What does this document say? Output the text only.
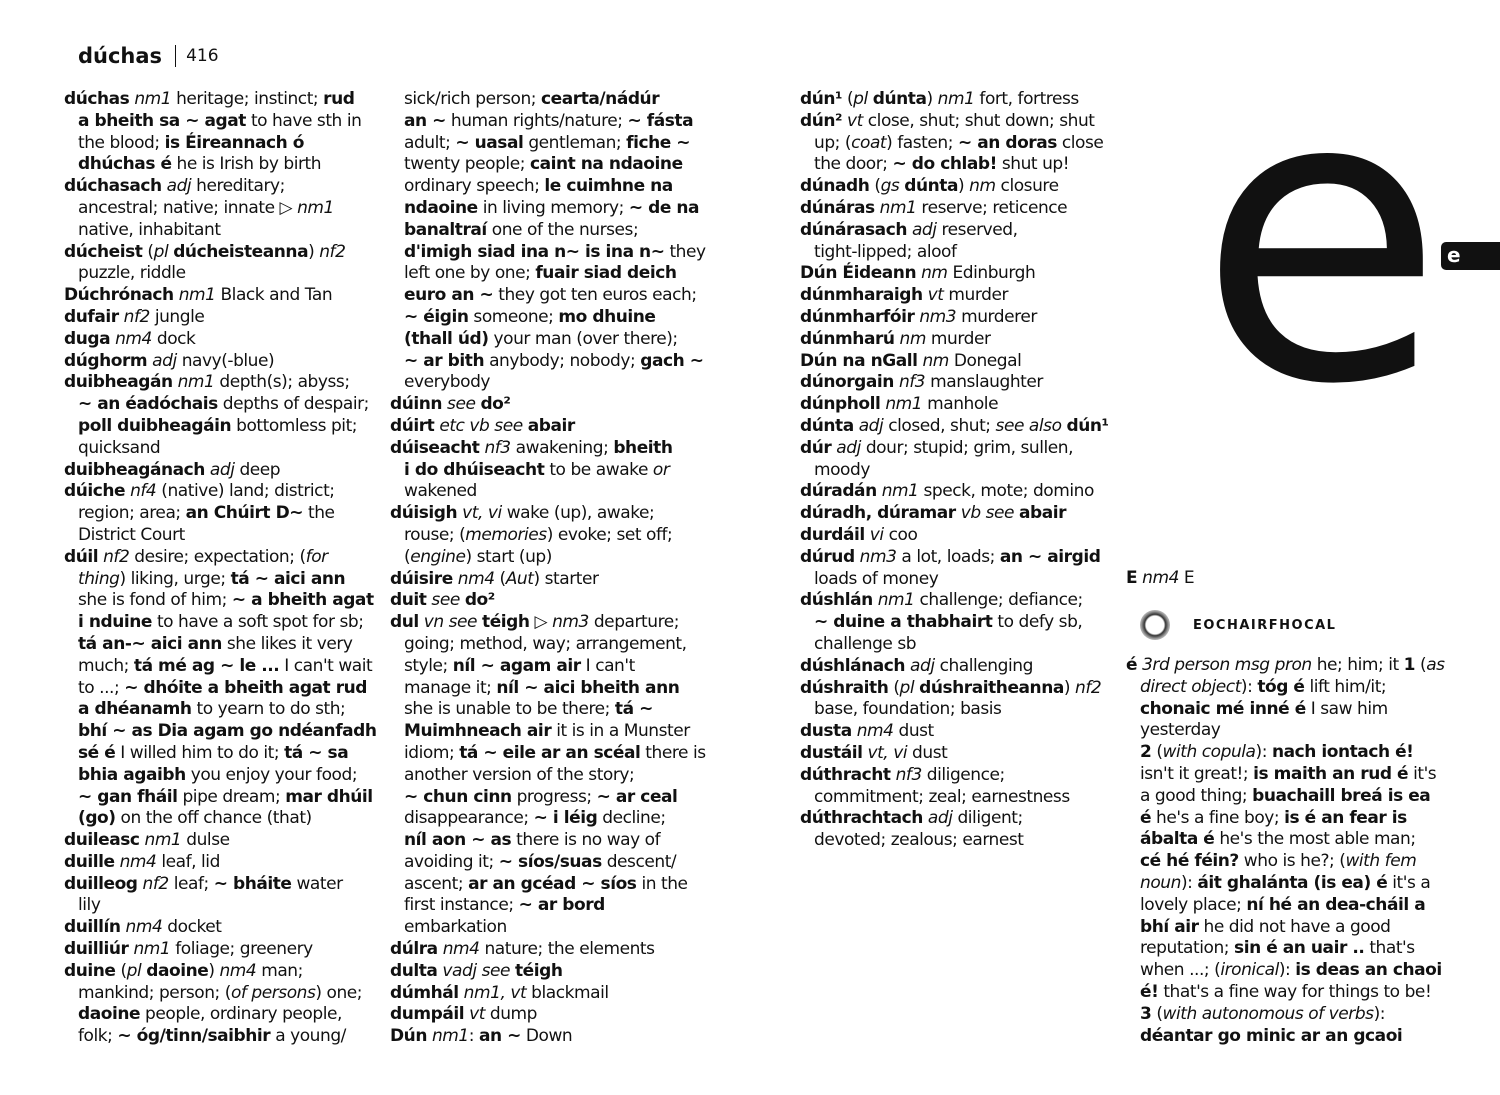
dúchas 416
dúchas nm1 heritage; instinct; rud
a bheith sa ~ agat to have sth in
the blood; is Éireannach ó
dhúchas é he is Irish by birth
dúchasach adj hereditary;
ancestral; native; innate ▷ nm1
native, inhabitant
dúcheist (pl dúcheisteanna) nf2
puzzle, riddle
Dúchrónach nm1 Black and Tan
dufair nf2 jungle
duga nm4 dock
dúghorm adj navy(-blue)
duibheagán nm1 depth(s); abyss;
~ an éadóchais depths of despair;
poll duibheagáin bottomless pit;
quicksand
duibheagánach adj deep
dúiche nf4 (native) land; district;
region; area; an Chúirt D~ the
District Court
dúil nf2 desire; expectation; (for
thing) liking, urge; tá ~ aici ann
she is fond of him; ~ a bheith agat
i nduine to have a soft spot for sb;
tá an-~ aici ann she likes it very
much; tá mé ag ~ le ... I can't wait
to ...; ~ dhóite a bheith agat rud
a dhéanamh to yearn to do sth;
bhí ~ as Dia agam go ndéanfadh
sé é I willed him to do it; tá ~ sa
bhia agaibh you enjoy your food;
~ gan fháil pipe dream; mar dhúil
(go) on the off chance (that)
duileasc nm1 dulse
duille nm4 leaf, lid
duilleog nf2 leaf; ~ bháite water
lily
duillín nm4 docket
duilliúr nm1 foliage; greenery
duine (pl daoine) nm4 man;
mankind; person; (of persons) one;
daoine people, ordinary people,
folk; ~ óg/tinn/saibhir a young/
sick/rich person; cearta/nádúr
an ~ human rights/nature; ~ fásta
adult; ~ uasal gentleman; fiche ~
twenty people; caint na ndaoine
ordinary speech; le cuimhne na
ndaoine in living memory; ~ de na
banaltraí one of the nurses;
d'imigh siad ina n~ is ina n~ they
left one by one; fuair siad deich
euro an ~ they got ten euros each;
~ éigin someone; mo dhuine
(thall úd) your man (over there);
~ ar bith anybody; nobody; gach ~
everybody
dúinn see do²
dúirt etc vb see abair
dúiseacht nf3 awakening; bheith
i do dhúiseacht to be awake or
wakened
dúisigh vt, vi wake (up), awake;
rouse; (memories) evoke; set off;
(engine) start (up)
dúisire nm4 (Aut) starter
duit see do²
dul vn see téigh ▷ nm3 departure;
going; method, way; arrangement,
style; níl ~ agam air I can't
manage it; níl ~ aici bheith ann
she is unable to be there; tá ~
Muimhneach air it is in a Munster
idiom; tá ~ eile ar an scéal there is
another version of the story;
~ chun cinn progress; ~ ar ceal
disappearance; ~ i léig decline;
níl aon ~ as there is no way of
avoiding it; ~ síos/suas descent/
ascent; ar an gcéad ~ síos in the
first instance; ~ ar bord
embarkation
dúlra nm4 nature; the elements
dulta vadj see téigh
dúmhál nm1, vt blackmail
dumpáil vt dump
Dún nm1: an ~ Down
dún¹ (pl dúnta) nm1 fort, fortress
dún² vt close, shut; shut down; shut
up; (coat) fasten; ~ an doras close
the door; ~ do chlab! shut up!
dúnadh (gs dúnta) nm closure
dúnáras nm1 reserve; reticence
dúnárasach adj reserved,
tight-lipped; aloof
Dún Éideann nm Edinburgh
dúnmharaigh vt murder
dúnmharfóir nm3 murderer
dúnmharú nm murder
Dún na nGall nm Donegal
dúnorgain nf3 manslaughter
dúnpholl nm1 manhole
dúnta adj closed, shut; see also dún¹
dúr adj dour; stupid; grim, sullen,
moody
dúradán nm1 speck, mote; domino
dúradh, dúramar vb see abair
durdáil vi coo
dúrud nm3 a lot, loads; an ~ airgid
loads of money
dúshlán nm1 challenge; defiance;
~ duine a thabhairt to defy sb,
challenge sb
dúshlánach adj challenging
dúshraith (pl dúshraitheanna) nf2
base, foundation; basis
dusta nm4 dust
dustáil vt, vi dust
dúthracht nf3 diligence;
commitment; zeal; earnestness
dúthrachtach adj diligent;
devoted; zealous; earnest
e e
E nm4 E
EOCHAIRFHOCAL
é 3rd person msg pron he; him; it 1 (as
direct object): tóg é lift him/it;
chonaic mé inné é I saw him
yesterday
2 (with copula): nach iontach é!
isn't it great!; is maith an rud é it's
a good thing; buachaill breá is ea
é he's a fine boy; is é an fear is
ábalta é he's the most able man;
cé hé féin? who is he?; (with fem
noun): áit ghalánta (is ea) é it's a
lovely place; ní hé an dea-cháil a
bhí air he did not have a good
reputation; sin é an uair .. that's
when ...; (ironical): is deas an chaoi
é! that's a fine way for things to be!
3 (with autonomous of verbs):
déantar go minic ar an gcaoi
